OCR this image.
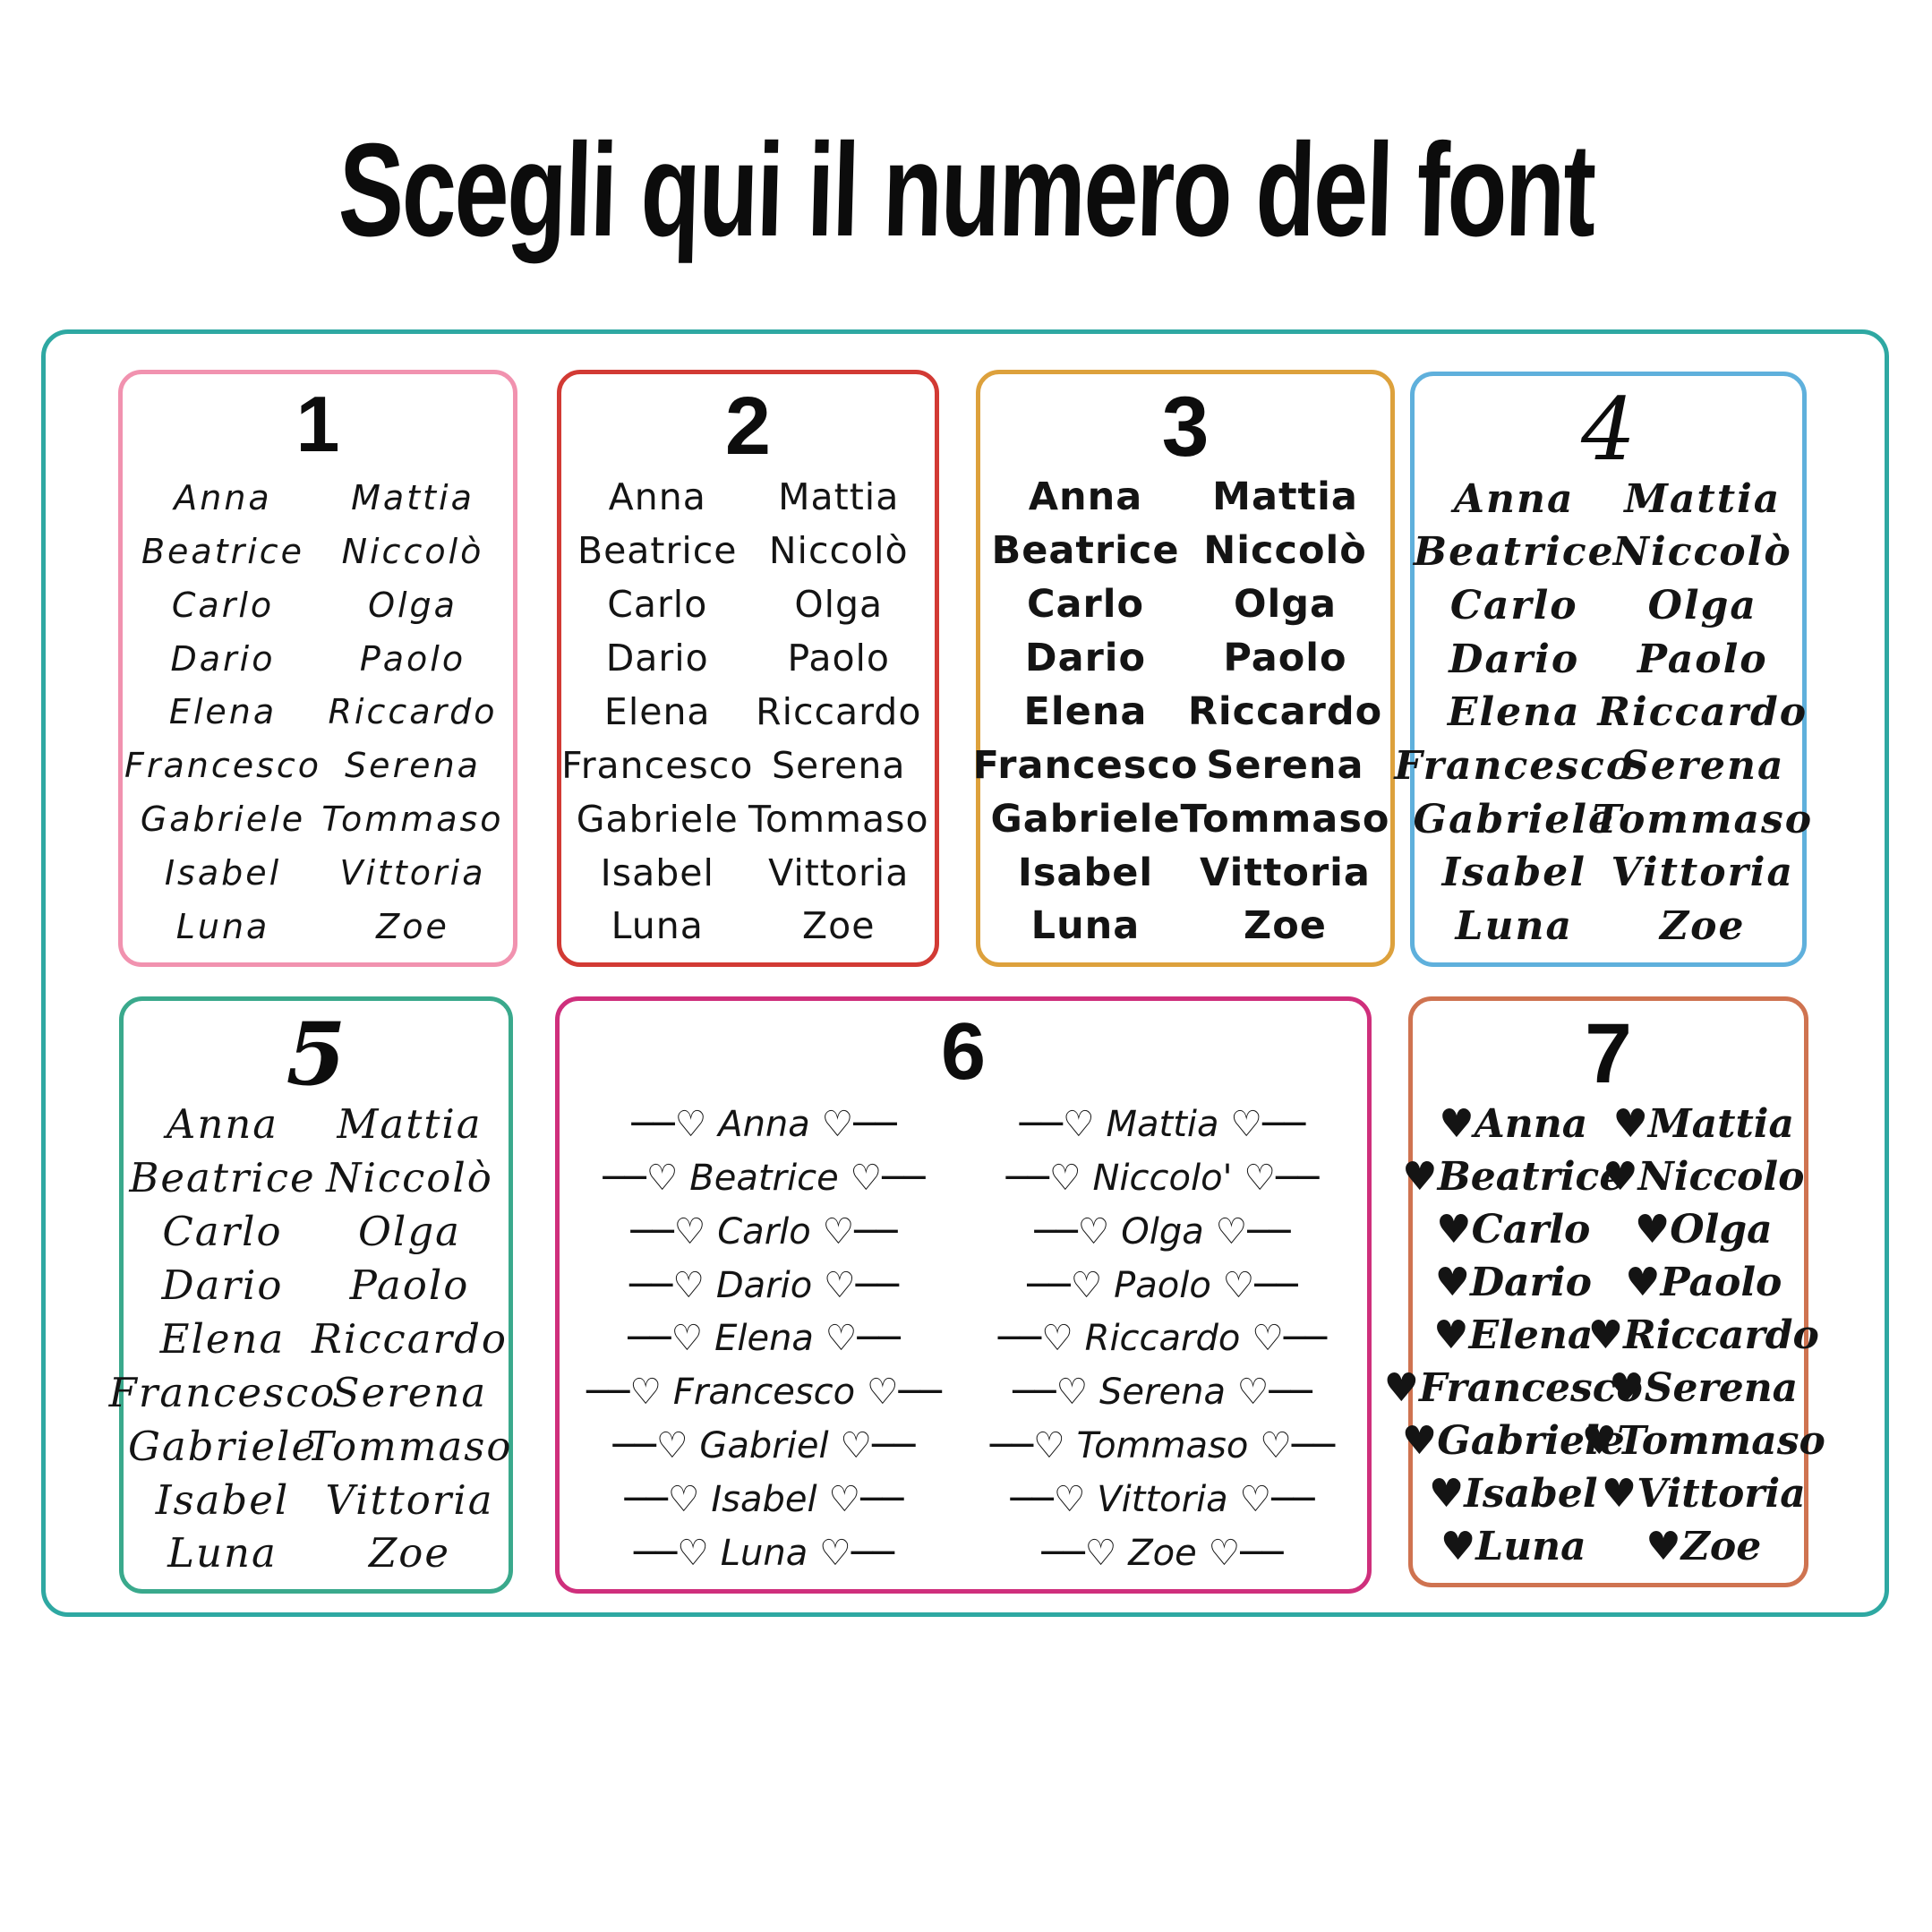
Scegli qui il numero del font
1
Anna
Beatrice
Carlo
Dario
Elena
Francesco
Gabriele
Isabel
Luna
Mattia
Niccolò
Olga
Paolo
Riccardo
Serena
Tommaso
Vittoria
Zoe
2
Anna
Beatrice
Carlo
Dario
Elena
Francesco
Gabriele
Isabel
Luna
Mattia
Niccolò
Olga
Paolo
Riccardo
Serena
Tommaso
Vittoria
Zoe
3
Anna
Beatrice
Carlo
Dario
Elena
Francesco
Gabriele
Isabel
Luna
Mattia
Niccolò
Olga
Paolo
Riccardo
Serena
Tommaso
Vittoria
Zoe
4
Anna
Beatrice
Carlo
Dario
Elena
Francesco
Gabriele
Isabel
Luna
Mattia
Niccolò
Olga
Paolo
Riccardo
Serena
Tommaso
Vittoria
Zoe
5
Anna
Beatrice
Carlo
Dario
Elena
Francesco
Gabriele
Isabel
Luna
Mattia
Niccolò
Olga
Paolo
Riccardo
Serena
Tommaso
Vittoria
Zoe
6
──♡ Anna ♡──
──♡ Beatrice ♡──
──♡ Carlo ♡──
──♡ Dario ♡──
──♡ Elena ♡──
──♡ Francesco ♡──
──♡ Gabriel ♡──
──♡ Isabel ♡──
──♡ Luna ♡──
──♡ Mattia ♡──
──♡ Niccolo' ♡──
──♡ Olga ♡──
──♡ Paolo ♡──
──♡ Riccardo ♡──
──♡ Serena ♡──
──♡ Tommaso ♡──
──♡ Vittoria ♡──
──♡ Zoe ♡──
7
♥Anna
♥Beatrice
♥Carlo
♥Dario
♥Elena
♥Francesco
♥Gabriele
♥Isabel
♥Luna
♥Mattia
♥Niccolo
♥Olga
♥Paolo
♥Riccardo
♥Serena
♥Tommaso
♥Vittoria
♥Zoe
